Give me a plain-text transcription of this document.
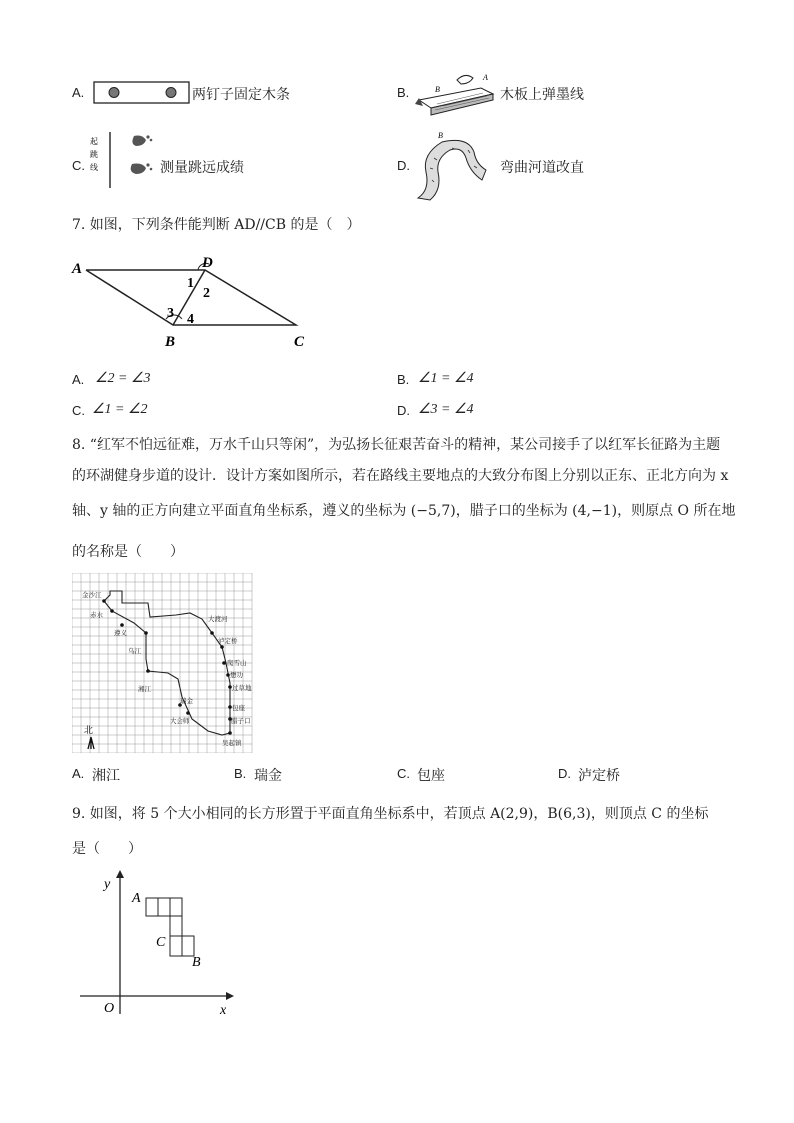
A.	两钉子固定木条	B.	B
A
木板上弹墨线
C.
起
跳
线	测量跳远成绩	D.
B
弯曲河道改直
7. 如图，下列条件能判断 AD//CB 的是（　）
A	D
B	C
1
2
3 4
A. ∠2 = ∠3	B. ∠1 = ∠4
C. ∠1 = ∠2	D. ∠3 = ∠4
8. “红军不怕远征难，万水千山只等闲”，为弘扬长征艰苦奋斗的精神，某公司接手了以红军长征路为主题
的环湖健身步道的设计．设计方案如图所示，若在路线主要地点的大致分布图上分别以正东、正北方向为 x
轴、y 轴的正方向建立平面直角坐标系，遵义的坐标为 (−5,7)，腊子口的坐标为 (4,−1)，则原点 O 所在地
的名称是（　　）
金沙江
赤水
遵义
乌江
湘江
瑞金
大会师
大渡河
泸定桥
爬雪山
懋功
过草地
包座
腊子口
吴起镇
北
A. 湘江	B. 瑞金	C. 包座	D. 泸定桥
9. 如图，将 5 个大小相同的长方形置于平面直角坐标系中，若顶点 A(2,9)，B(6,3)，则顶点 C 的坐标
是（　　）
y
x
O
A
C
B
